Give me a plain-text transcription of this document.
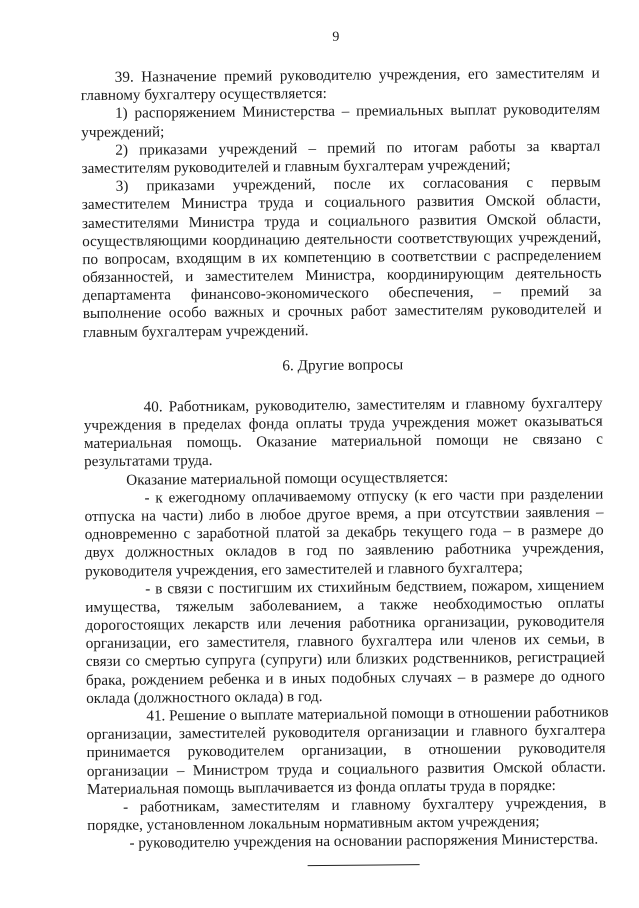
9

39. Назначение премий руководителю учреждения, его заместителям и

главному бухгалтеру осуществляется:

1) распоряжением Министерства – премиальных выплат руководителям

учреждений;

2) приказами учреждений – премий по итогам работы за квартал

заместителям руководителей и главным бухгалтерам учреждений;

3) приказами учреждений, после их согласования с первым

заместителем Министра труда и социального развития Омской области,

заместителями Министра труда и социального развития Омской области,

осуществляющими координацию деятельности соответствующих учреждений,

по вопросам, входящим в их компетенцию в соответствии с распределением

обязанностей, и заместителем Министра, координирующим деятельность

департамента финансово-экономического обеспечения, – премий за

выполнение особо важных и срочных работ заместителям руководителей и

главным бухгалтерам учреждений.

6. Другие вопросы

40. Работникам, руководителю, заместителям и главному бухгалтеру

учреждения в пределах фонда оплаты труда учреждения может оказываться

материальная помощь. Оказание материальной помощи не связано с

результатами труда.

Оказание материальной помощи осуществляется:

- к ежегодному оплачиваемому отпуску (к его части при разделении

отпуска на части) либо в любое другое время, а при отсутствии заявления –

одновременно с заработной платой за декабрь текущего года – в размере до

двух должностных окладов в год по заявлению работника учреждения,

руководителя учреждения, его заместителей и главного бухгалтера;

- в связи с постигшим их стихийным бедствием, пожаром, хищением

имущества, тяжелым заболеванием, а также необходимостью оплаты

дорогостоящих лекарств или лечения работника организации, руководителя

организации, его заместителя, главного бухгалтера или членов их семьи, в

связи со смертью супруга (супруги) или близких родственников, регистрацией

брака, рождением ребенка и в иных подобных случаях – в размере до одного

оклада (должностного оклада) в год.

41. Решение о выплате материальной помощи в отношении работников

организации, заместителей руководителя организации и главного бухгалтера

принимается руководителем организации, в отношении руководителя

организации – Министром труда и социального развития Омской области.

Материальная помощь выплачивается из фонда оплаты труда в порядке:

- работникам, заместителям и главному бухгалтеру учреждения, в

порядке, установленном локальным нормативным актом учреждения;

- руководителю учреждения на основании распоряжения Министерства.
